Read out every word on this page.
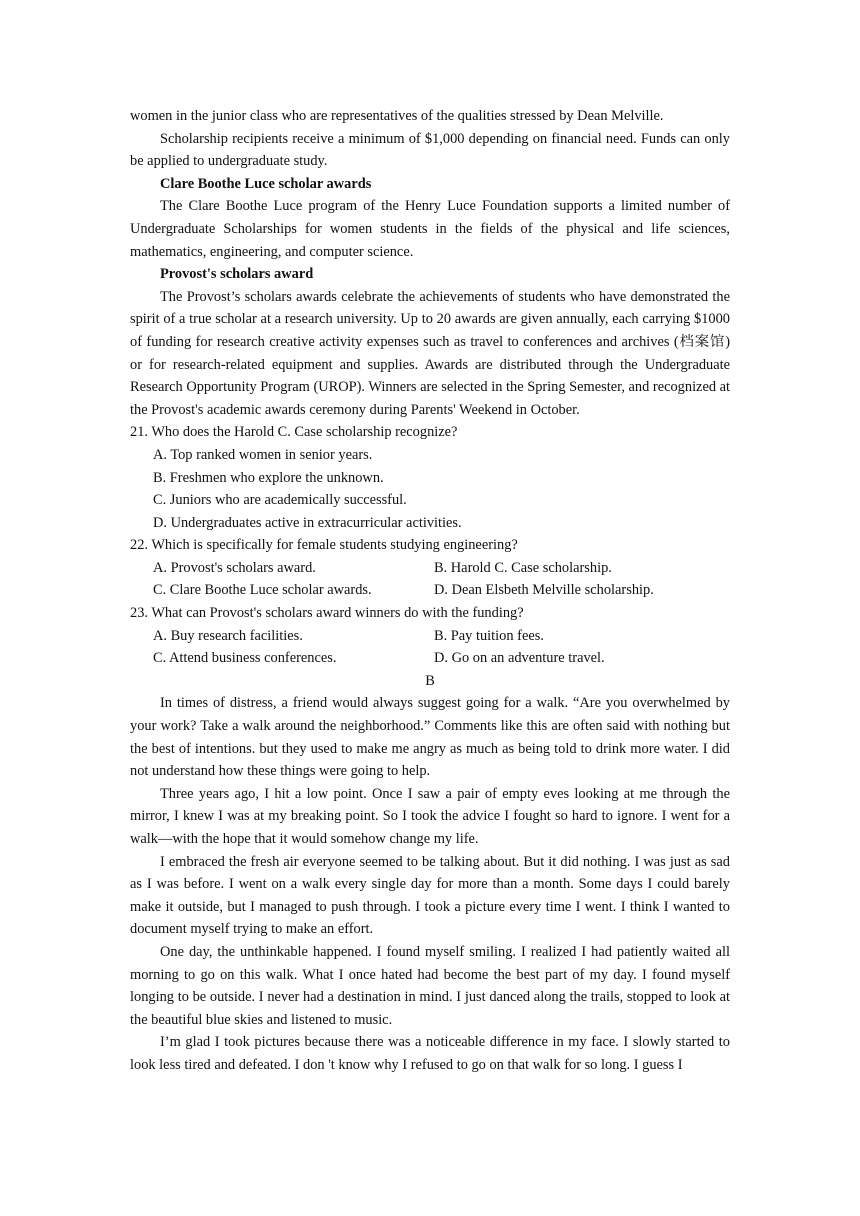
women in the junior class who are representatives of the qualities stressed by Dean Melville.

Scholarship recipients receive a minimum of $1,000 depending on financial need. Funds can only be applied to undergraduate study.

Clare Boothe Luce scholar awards

The Clare Boothe Luce program of the Henry Luce Foundation supports a limited number of Undergraduate Scholarships for women students in the fields of the physical and life sciences, mathematics, engineering, and computer science.

Provost's scholars award

The Provost’s scholars awards celebrate the achievements of students who have demonstrated the spirit of a true scholar at a research university. Up to 20 awards are given annually, each carrying $1000 of funding for research creative activity expenses such as travel to conferences and archives (档案馆) or for research-related equipment and supplies. Awards are distributed through the Undergraduate Research Opportunity Program (UROP). Winners are selected in the Spring Semester, and recognized at the Provost's academic awards ceremony during Parents' Weekend in October.

21. Who does the Harold C. Case scholarship recognize?

A. Top ranked women in senior years.

B. Freshmen who explore the unknown.

C. Juniors who are academically successful.

D. Undergraduates active in extracurricular activities.

22. Which is specifically for female students studying engineering?

A. Provost's scholars award.	B. Harold C. Case scholarship.
C. Clare Boothe Luce scholar awards.	D. Dean Elsbeth Melville scholarship.

23. What can Provost's scholars award winners do with the funding?

A. Buy research facilities.	B. Pay tuition fees.
C. Attend business conferences.	D. Go on an adventure travel.

B

In times of distress, a friend would always suggest going for a walk. “Are you overwhelmed by your work? Take a walk around the neighborhood.” Comments like this are often said with nothing but the best of intentions. but they used to make me angry as much as being told to drink more water. I did not understand how these things were going to help.

Three years ago, I hit a low point. Once I saw a pair of empty eves looking at me through the mirror, I knew I was at my breaking point. So I took the advice I fought so hard to ignore. I went for a walk—with the hope that it would somehow change my life.

I embraced the fresh air everyone seemed to be talking about. But it did nothing. I was just as sad as I was before. I went on a walk every single day for more than a month. Some days I could barely make it outside, but I managed to push through. I took a picture every time I went. I think I wanted to document myself trying to make an effort.

One day, the unthinkable happened. I found myself smiling. I realized I had patiently waited all morning to go on this walk. What I once hated had become the best part of my day. I found myself longing to be outside. I never had a destination in mind. I just danced along the trails, stopped to look at the beautiful blue skies and listened to music.

I’m glad I took pictures because there was a noticeable difference in my face. I slowly started to look less tired and defeated. I don 't know why I refused to go on that walk for so long. I guess I
